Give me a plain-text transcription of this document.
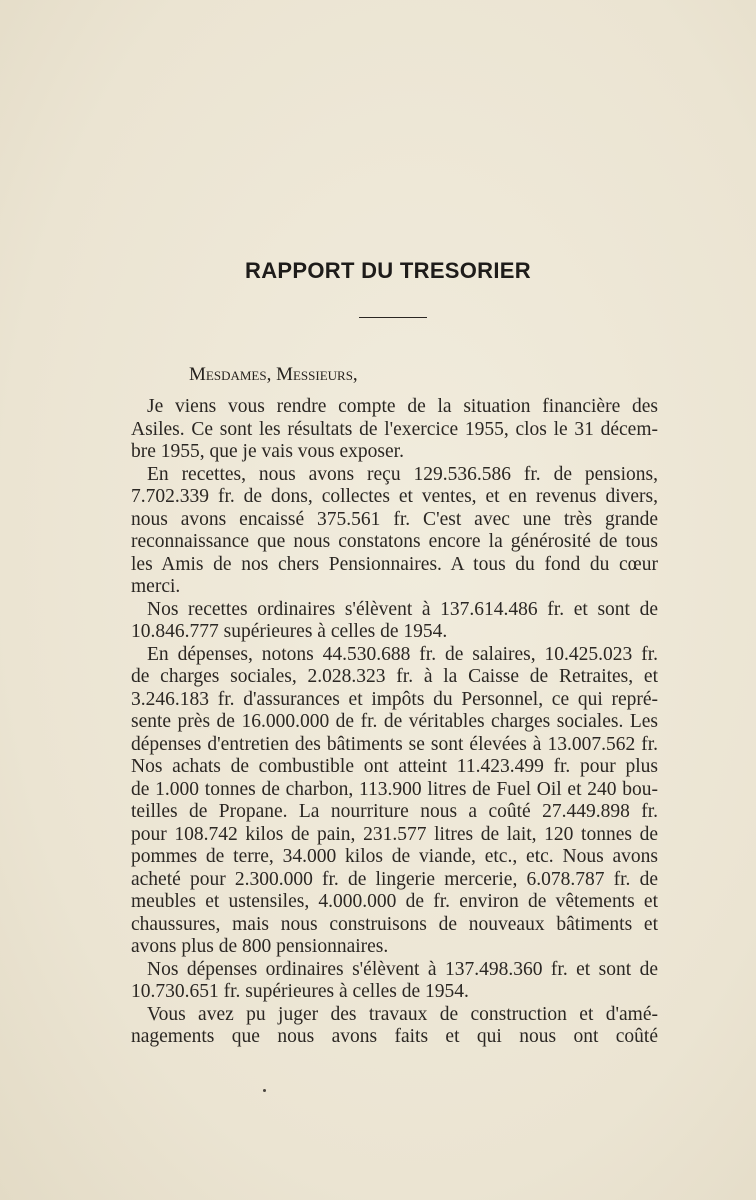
RAPPORT DU TRESORIER
Mesdames, Messieurs,
Je viens vous rendre compte de la situation financière des
Asiles. Ce sont les résultats de l'exercice 1955, clos le 31 décem-
bre 1955, que je vais vous exposer.
En recettes, nous avons reçu 129.536.586 fr. de pensions,
7.702.339 fr. de dons, collectes et ventes, et en revenus divers,
nous avons encaissé 375.561 fr. C'est avec une très grande
reconnaissance que nous constatons encore la générosité de tous
les Amis de nos chers Pensionnaires. A tous du fond du cœur
merci.
Nos recettes ordinaires s'élèvent à 137.614.486 fr. et sont de
10.846.777 supérieures à celles de 1954.
En dépenses, notons 44.530.688 fr. de salaires, 10.425.023 fr.
de charges sociales, 2.028.323 fr. à la Caisse de Retraites, et
3.246.183 fr. d'assurances et impôts du Personnel, ce qui repré-
sente près de 16.000.000 de fr. de véritables charges sociales. Les
dépenses d'entretien des bâtiments se sont élevées à 13.007.562 fr.
Nos achats de combustible ont atteint 11.423.499 fr. pour plus
de 1.000 tonnes de charbon, 113.900 litres de Fuel Oil et 240 bou-
teilles de Propane. La nourriture nous a coûté 27.449.898 fr.
pour 108.742 kilos de pain, 231.577 litres de lait, 120 tonnes de
pommes de terre, 34.000 kilos de viande, etc., etc. Nous avons
acheté pour 2.300.000 fr. de lingerie mercerie, 6.078.787 fr. de
meubles et ustensiles, 4.000.000 de fr. environ de vêtements et
chaussures, mais nous construisons de nouveaux bâtiments et
avons plus de 800 pensionnaires.
Nos dépenses ordinaires s'élèvent à 137.498.360 fr. et sont de
10.730.651 fr. supérieures à celles de 1954.
Vous avez pu juger des travaux de construction et d'amé-
nagements que nous avons faits et qui nous ont coûté
